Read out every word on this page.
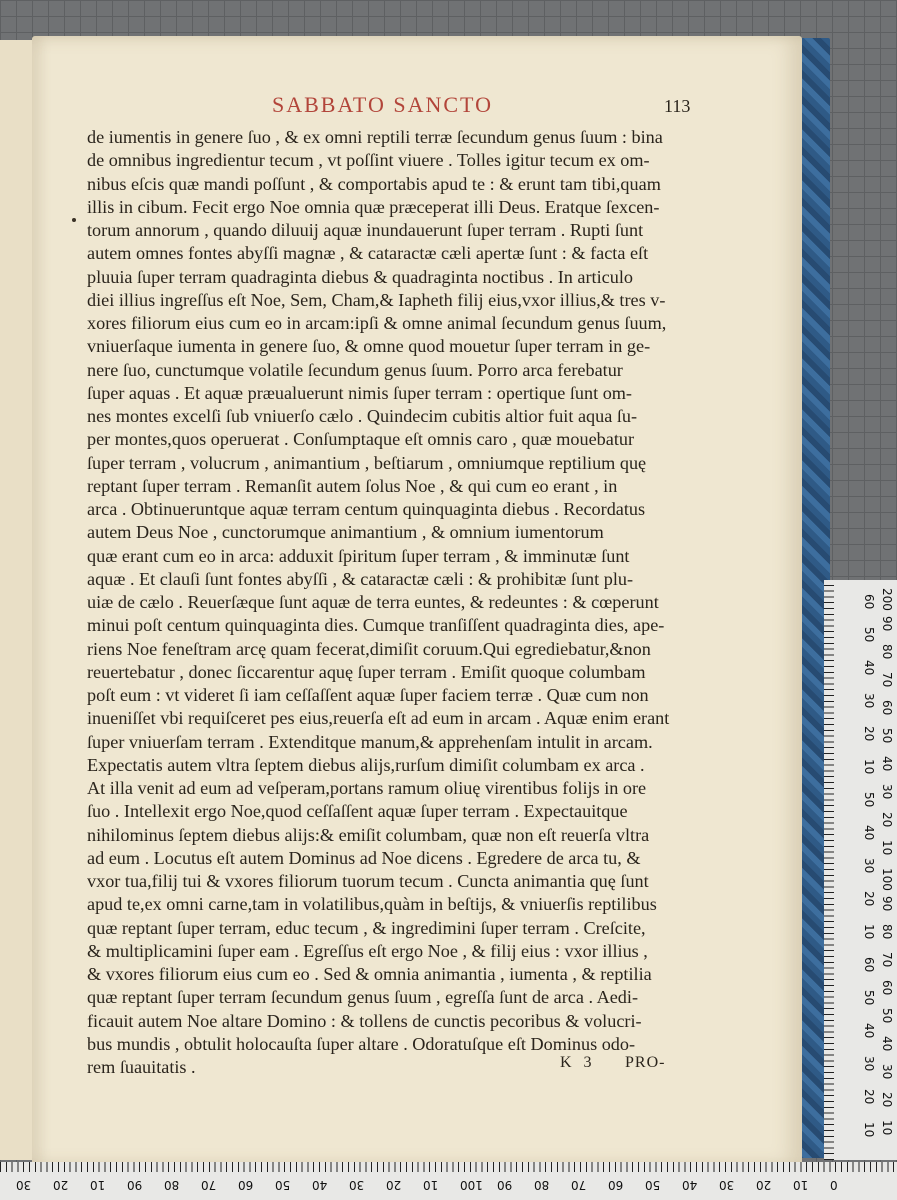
SABBATO SANCTO	113
de iumentis in genere ſuo , & ex omni reptili terræ ſecundum genus ſuum : bina
de omnibus ingredientur tecum , vt poſſint viuere . Tolles igitur tecum ex om-
nibus eſcis quæ mandi poſſunt , & comportabis apud te : & erunt tam tibi,quam
illis in cibum. Fecit ergo Noe omnia quæ præceperat illi Deus. Eratque ſexcen-
torum annorum , quando diluuij aquæ inundauerunt ſuper terram . Rupti ſunt
autem omnes fontes abyſſi magnæ , & cataractæ cæli apertæ ſunt : & facta eſt
pluuia ſuper terram quadraginta diebus & quadraginta noctibus . In articulo
diei illius ingreſſus eſt Noe, Sem, Cham,& Iapheth filij eius,vxor illius,& tres v-
xores filiorum eius cum eo in arcam:ipſi & omne animal ſecundum genus ſuum,
vniuerſaque iumenta in genere ſuo, & omne quod mouetur ſuper terram in ge-
nere ſuo, cunctumque volatile ſecundum genus ſuum. Porro arca ferebatur
ſuper aquas . Et aquæ præualuerunt nimis ſuper terram : opertique ſunt om-
nes montes excelſi ſub vniuerſo cælo . Quindecim cubitis altior fuit aqua ſu-
per montes,quos operuerat . Conſumptaque eſt omnis caro , quæ mouebatur
ſuper terram , volucrum , animantium , beſtiarum , omniumque reptilium quę
reptant ſuper terram . Remanſit autem ſolus Noe , & qui cum eo erant , in
arca . Obtinueruntque aquæ terram centum quinquaginta diebus . Recordatus
autem Deus Noe , cunctorumque animantium , & omnium iumentorum
quæ erant cum eo in arca: adduxit ſpiritum ſuper terram , & imminutæ ſunt
aquæ . Et clauſi ſunt fontes abyſſi , & cataractæ cæli : & prohibitæ ſunt plu-
uiæ de cælo . Reuerſæque ſunt aquæ de terra euntes, & redeuntes : & cœperunt
minui poſt centum quinquaginta dies. Cumque tranſiſſent quadraginta dies, ape-
riens Noe feneſtram arcę quam fecerat,dimiſit coruum.Qui egrediebatur,&non
reuertebatur , donec ſiccarentur aquę ſuper terram . Emiſit quoque columbam
poſt eum : vt videret ſi iam ceſſaſſent aquæ ſuper faciem terræ . Quæ cum non
inueniſſet vbi requiſceret pes eius,reuerſa eſt ad eum in arcam . Aquæ enim erant
ſuper vniuerſam terram . Extenditque manum,& apprehenſam intulit in arcam.
Expectatis autem vltra ſeptem diebus alijs,rurſum dimiſit columbam ex arca .
At illa venit ad eum ad veſperam,portans ramum oliuę virentibus folijs in ore
ſuo . Intellexit ergo Noe,quod ceſſaſſent aquæ ſuper terram . Expectauitque
nihilominus ſeptem diebus alijs:& emiſit columbam, quæ non eſt reuerſa vltra
ad eum . Locutus eſt autem Dominus ad Noe dicens . Egredere de arca tu, &
vxor tua,filij tui & vxores filiorum tuorum tecum . Cuncta animantia quę ſunt
apud te,ex omni carne,tam in volatilibus,quàm in beſtijs, & vniuerſis reptilibus
quæ reptant ſuper terram, educ tecum , & ingredimini ſuper terram . Creſcite,
& multiplicamini ſuper eam . Egreſſus eſt ergo Noe , & filij eius : vxor illius ,
& vxores filiorum eius cum eo . Sed & omnia animantia , iumenta , & reptilia
quæ reptant ſuper terram ſecundum genus ſuum , egreſſa ſunt de arca . Aedi-
ficauit autem Noe altare Domino : & tollens de cunctis pecoribus & volucri-
bus mundis , obtulit holocauſta ſuper altare . Odoratuſque eſt Dominus odo-
rem ſuauitatis .	K 3 PRO-
200
90
80
70
60
50
40
30
20
10
100
90
80
70
60
50
40
30
20
10
60
50
40
30
20
10
50
40
30
20
10
60
50
40
30
20
10
0
10
20
30
40
50
60
70
80
90
100
10
20
30
40
50
60
70
80
90
10
20
30
